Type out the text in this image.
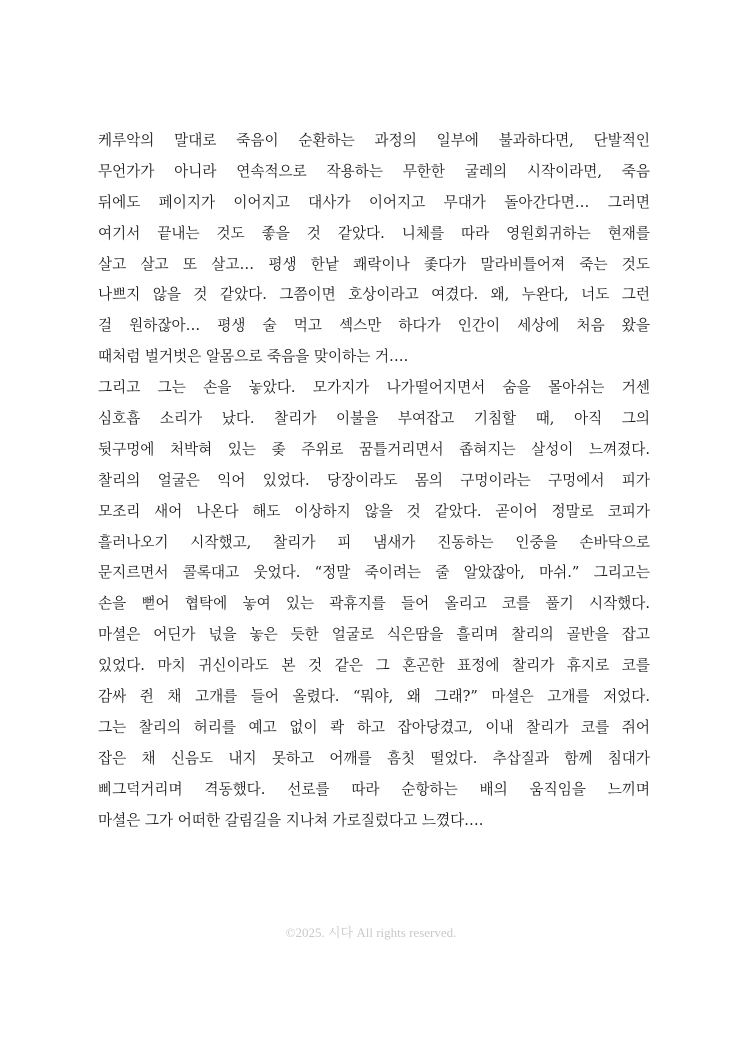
케루악의 말대로 죽음이 순환하는 과정의 일부에 불과하다면, 단발적인
무언가가 아니라 연속적으로 작용하는 무한한 굴레의 시작이라면, 죽음
뒤에도 페이지가 이어지고 대사가 이어지고 무대가 돌아간다면… 그러면
여기서 끝내는 것도 좋을 것 같았다. 니체를 따라 영원회귀하는 현재를
살고 살고 또 살고… 평생 한낱 쾌락이나 좇다가 말라비틀어져 죽는 것도
나쁘지 않을 것 같았다. 그쯤이면 호상이라고 여겼다. 왜, 누완다, 너도 그런
걸 원하잖아… 평생 술 먹고 섹스만 하다가 인간이 세상에 처음 왔을
때처럼 벌거벗은 알몸으로 죽음을 맞이하는 거….
그리고 그는 손을 놓았다. 모가지가 나가떨어지면서 숨을 몰아쉬는 거센
심호흡 소리가 났다. 찰리가 이불을 부여잡고 기침할 때, 아직 그의
뒷구멍에 처박혀 있는 좆 주위로 꿈틀거리면서 좁혀지는 살성이 느껴졌다.
찰리의 얼굴은 익어 있었다. 당장이라도 몸의 구멍이라는 구멍에서 피가
모조리 새어 나온다 해도 이상하지 않을 것 같았다. 곧이어 정말로 코피가
흘러나오기 시작했고, 찰리가 피 냄새가 진동하는 인중을 손바닥으로
문지르면서 콜록대고 웃었다. “정말 죽이려는 줄 알았잖아, 마쉬.” 그리고는
손을 뻗어 협탁에 놓여 있는 곽휴지를 들어 올리고 코를 풀기 시작했다.
마셜은 어딘가 넋을 놓은 듯한 얼굴로 식은땀을 흘리며 찰리의 골반을 잡고
있었다. 마치 귀신이라도 본 것 같은 그 혼곤한 표정에 찰리가 휴지로 코를
감싸 쥔 채 고개를 들어 올렸다. “뭐야, 왜 그래?” 마셜은 고개를 저었다.
그는 찰리의 허리를 예고 없이 콱 하고 잡아당겼고, 이내 찰리가 코를 쥐어
잡은 채 신음도 내지 못하고 어깨를 흠칫 떨었다. 추삽질과 함께 침대가
삐그덕거리며 격동했다. 선로를 따라 순항하는 배의 움직임을 느끼며
마셜은 그가 어떠한 갈림길을 지나쳐 가로질렀다고 느꼈다….
©2025. 시다 All rights reserved.
